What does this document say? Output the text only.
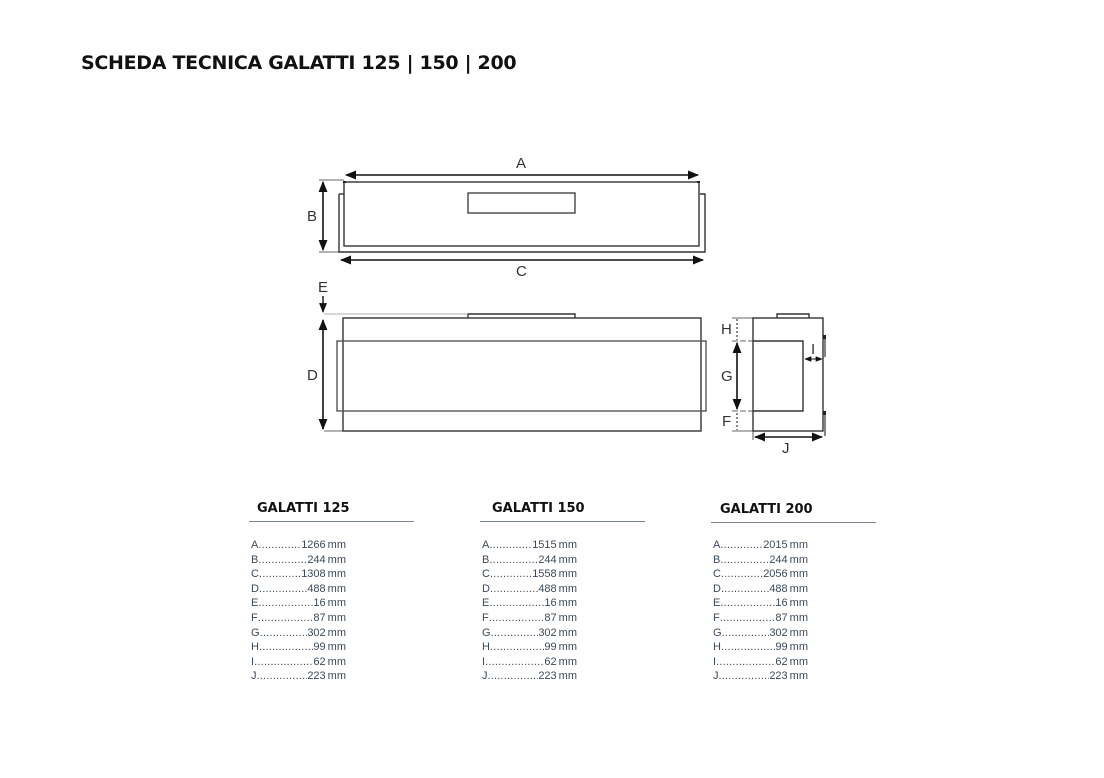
SCHEDA TECNICA GALATTI 125 | 150 | 200
A
B
C
E
D
H
G
F
I
J
GALATTI 125
A .....	1266 mm
B .....	244 mm
C .....	1308 mm
D .....	488 mm
E .....	16 mm
F .....	87 mm
G .....	302 mm
H .....	99 mm
I .....	62 mm
J .....	223 mm
GALATTI 150
A .....	1515 mm
B .....	244 mm
C .....	1558 mm
D .....	488 mm
E .....	16 mm
F .....	87 mm
G .....	302 mm
H .....	99 mm
I .....	62 mm
J .....	223 mm
GALATTI 200
A .....	2015 mm
B .....	244 mm
C .....	2056 mm
D .....	488 mm
E .....	16 mm
F .....	87 mm
G .....	302 mm
H .....	99 mm
I .....	62 mm
J .....	223 mm
